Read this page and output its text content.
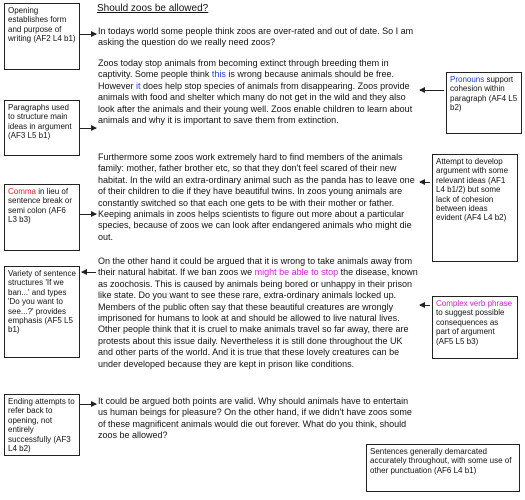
Should zoos be allowed?

In todays world some people think zoos are over-rated and out of date. So I am asking the question do we really need zoos?

Zoos today stop animals from becoming extinct through breeding them in captivity. Some people think this is wrong because animals should be free. However it does help stop species of animals from disappearing. Zoos provide animals with food and shelter which many do not get in the wild and they also look after the animals and their young well. Zoos enable children to learn about animals and why it is important to save them from extinction.

Furthermore some zoos work extremely hard to find members of the animals family: mother, father brother etc, so that they don't feel scared of their new habitat. In the wild an extra-ordinary animal such as the panda has to leave one of their children to die if they have beautiful twins. In zoos young animals are constantly switched so that each one gets to be with their mother or father. Keeping animals in zoos helps scientists to figure out more about a particular species, because of zoos we can look after endangered animals who might die out.

On the other hand it could be argued that it is wrong to take animals away from their natural habitat. If we ban zoos we might be able to stop the disease, known as zoochosis. This is caused by animals being bored or unhappy in their prison like state. Do you want to see these rare, extra-ordinary animals locked up. Members of the public often say that these beautiful creatures are wrongly imprisoned for humans to look at and should be allowed to live natural lives. Other people think that it is cruel to make animals travel so far away, there are protests about this issue daily. Nevertheless it is still done throughout the UK and other parts of the world. And it is true that these lovely creatures can be under developed because they are kept in prison like conditions.

It could be argued both points are valid. Why should animals have to entertain us human beings for pleasure? On the other hand, if we didn't have zoos some of these magnificent animals would die out forever. What do you think, should zoos be allowed?

Opening establishes form and purpose of writing (AF2 L4 b1)
Paragraphs used to structure main ideas in argument (AF3 L5 b1)
Comma in lieu of sentence break or semi colon (AF6 L3 b3)
Variety of sentence structures 'If we ban...' and types 'Do you want to see...?' provides emphasis (AF5 L5 b1)
Ending attempts to refer back to opening, not entirely successfully (AF3 L4 b2)
Pronouns support cohesion within paragraph (AF4 L5 b2)
Attempt to develop argument with some relevant ideas (AF1 L4 b1/2) but some lack of cohesion between ideas evident (AF4 L4 b2)
Complex verb phrase to suggest possible consequences as part of argument (AF5 L5 b3)
Sentences generally demarcated accurately throughout, with some use of other punctuation (AF6 L4 b1)
